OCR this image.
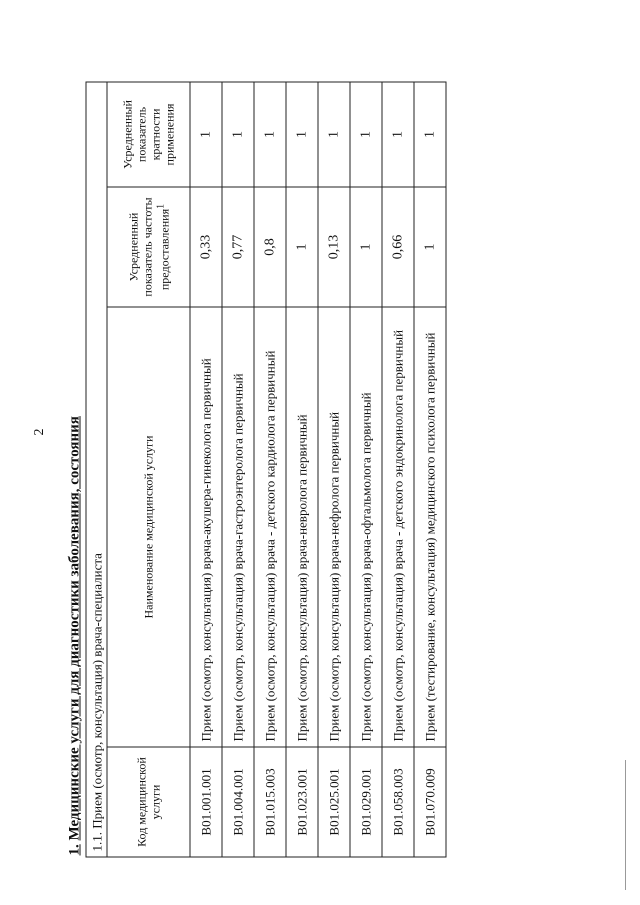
2
1. Медицинские услуги для диагностики заболевания, состояния 1.1. Прием (осмотр, консультация) врача-специалиста			
Код медицинской услуги	Наименование медицинской услуги	Усредненный показатель частоты предоставления$^1$	Усредненный показатель кратности применения
B01.001.001	Прием (осмотр, консультация) врача-акушера-гинеколога первичный	0,33	1
B01.004.001	Прием (осмотр, консультация) врача-гастроэнтеролога первичный	0,77	1
B01.015.003	Прием (осмотр, консультация) врача - детского кардиолога первичный	0,8	1
B01.023.001	Прием (осмотр, консультация) врача-невролога первичный	1	1
B01.025.001	Прием (осмотр, консультация) врача-нефролога первичный	0,13	1
B01.029.001	Прием (осмотр, консультация) врача-офтальмолога первичный	1	1
B01.058.003	Прием (осмотр, консультация) врача - детского эндокринолога первичный	0,66	1
B01.070.009	Прием (тестирование, консультация) медицинского психолога первичный	1	1
